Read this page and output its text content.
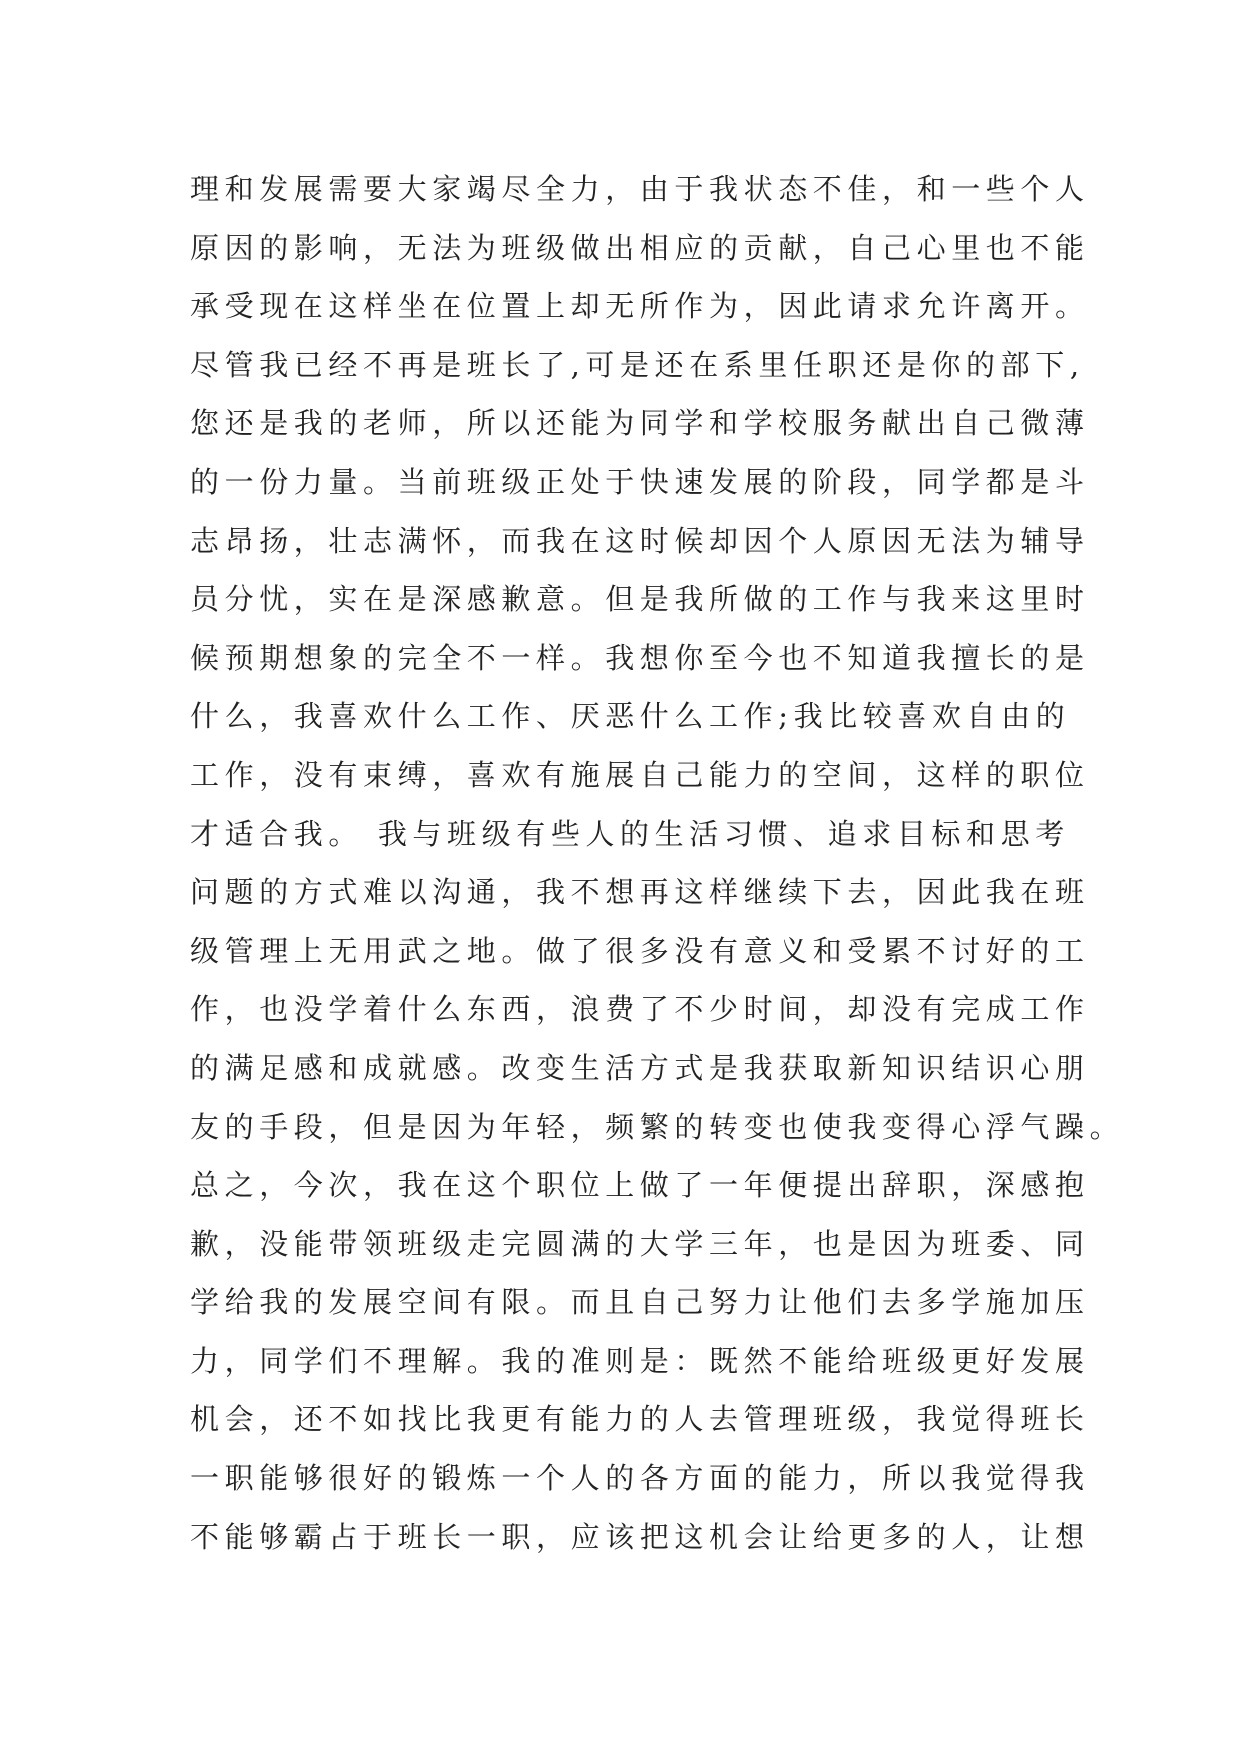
理和发展需要大家竭尽全力，由于我状态不佳，和一些个人
原因的影响，无法为班级做出相应的贡献，自己心里也不能
承受现在这样坐在位置上却无所作为，因此请求允许离开。
尽管我已经不再是班长了,可是还在系里任职还是你的部下,
您还是我的老师，所以还能为同学和学校服务献出自己微薄
的一份力量。当前班级正处于快速发展的阶段，同学都是斗
志昂扬，壮志满怀，而我在这时候却因个人原因无法为辅导
员分忧，实在是深感歉意。但是我所做的工作与我来这里时
候预期想象的完全不一样。我想你至今也不知道我擅长的是
什么，我喜欢什么工作、厌恶什么工作;我比较喜欢自由的
工作，没有束缚，喜欢有施展自己能力的空间，这样的职位
才适合我。 我与班级有些人的生活习惯、追求目标和思考
问题的方式难以沟通，我不想再这样继续下去，因此我在班
级管理上无用武之地。做了很多没有意义和受累不讨好的工
作，也没学着什么东西，浪费了不少时间，却没有完成工作
的满足感和成就感。改变生活方式是我获取新知识结识心朋
友的手段，但是因为年轻，频繁的转变也使我变得心浮气躁。
总之，今次，我在这个职位上做了一年便提出辞职，深感抱
歉，没能带领班级走完圆满的大学三年，也是因为班委、同
学给我的发展空间有限。而且自己努力让他们去多学施加压
力，同学们不理解。我的准则是：既然不能给班级更好发展
机会，还不如找比我更有能力的人去管理班级，我觉得班长
一职能够很好的锻炼一个人的各方面的能力，所以我觉得我
不能够霸占于班长一职，应该把这机会让给更多的人，让想
